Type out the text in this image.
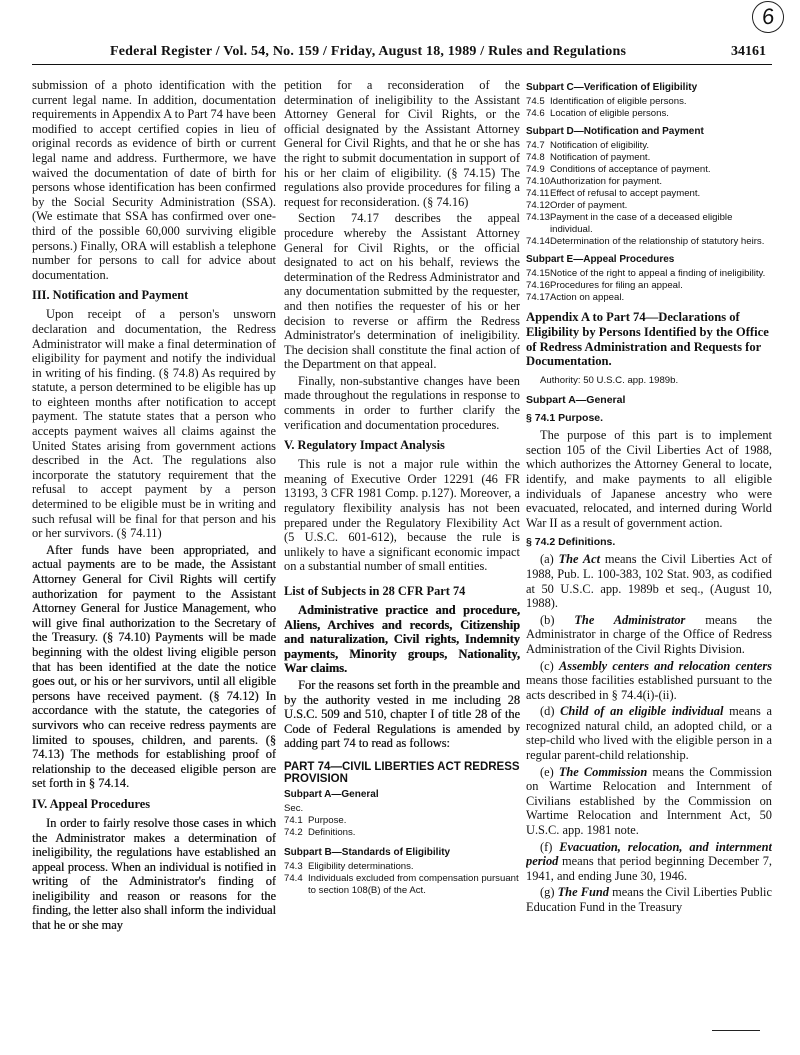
6
Federal Register / Vol. 54, No. 159 / Friday, August 18, 1989 / Rules and Regulations	34161

submission of a photo identification with the current legal name. In addition, documentation requirements in Appendix A to Part 74 have been modified to accept certified copies in lieu of original records as evidence of birth or current legal name and address. Furthermore, we have waived the documentation of date of birth for persons whose identification has been confirmed by the Social Security Administration (SSA). (We estimate that SSA has confirmed over one-third of the possible 60,000 surviving eligible persons.) Finally, ORA will establish a telephone number for persons to call for advice about documentation.

III. Notification and Payment

Upon receipt of a person's unsworn declaration and documentation, the Redress Administrator will make a final determination of eligibility for payment and notify the individual in writing of his finding. (§ 74.8) As required by statute, a person determined to be eligible has up to eighteen months after notification to accept payment. The statute states that a person who accepts payment waives all claims against the United States arising from government actions described in the Act. The regulations also incorporate the statutory requirement that the refusal to accept payment by a person determined to be eligible must be in writing and such refusal will be final for that person and his or her survivors. (§ 74.11)

After funds have been appropriated, and actual payments are to be made, the Assistant Attorney General for Civil Rights will certify authorization for payment to the Assistant Attorney General for Justice Management, who will give final authorization to the Secretary of the Treasury. (§ 74.10) Payments will be made beginning with the oldest living eligible person that has been identified at the date the notice goes out, or his or her survivors, until all eligible persons have received payment. (§ 74.12) In accordance with the statute, the categories of survivors who can receive redress payments are limited to spouses, children, and parents. (§ 74.13) The methods for establishing proof of relationship to the deceased eligible person are set forth in § 74.14.

IV. Appeal Procedures

In order to fairly resolve those cases in which the Administrator makes a determination of ineligibility, the regulations have established an appeal process. When an individual is notified in writing of the Administrator's finding of ineligibility and reason or reasons for the finding, the letter also shall inform the individual that he or she may

petition for a reconsideration of the determination of ineligibility to the Assistant Attorney General for Civil Rights, or the official designated by the Assistant Attorney General for Civil Rights, and that he or she has the right to submit documentation in support of his or her claim of eligibility. (§ 74.15) The regulations also provide procedures for filing a request for reconsideration. (§ 74.16)

Section 74.17 describes the appeal procedure whereby the Assistant Attorney General for Civil Rights, or the official designated to act on his behalf, reviews the determination of the Redress Administrator and any documentation submitted by the requester, and then notifies the requester of his or her decision to reverse or affirm the Redress Administrator's determination of ineligibility. The decision shall constitute the final action of the Department on that appeal.

Finally, non-substantive changes have been made throughout the regulations in response to comments in order to further clarify the verification and documentation procedures.

V. Regulatory Impact Analysis

This rule is not a major rule within the meaning of Executive Order 12291 (46 FR 13193, 3 CFR 1981 Comp. p.127). Moreover, a regulatory flexibility analysis has not been prepared under the Regulatory Flexibility Act (5 U.S.C. 601-612), because the rule is unlikely to have a significant economic impact on a substantial number of small entities.

List of Subjects in 28 CFR Part 74

Administrative practice and procedure, Aliens, Archives and records, Citizenship and naturalization, Civil rights, Indemnity payments, Minority groups, Nationality, War claims.

For the reasons set forth in the preamble and by the authority vested in me including 28 U.S.C. 509 and 510, chapter I of title 28 of the Code of Federal Regulations is amended by adding part 74 to read as follows:

PART 74—CIVIL LIBERTIES ACT REDRESS PROVISION

Subpart A—General

Sec.
74.1 Purpose.
74.2 Definitions.

Subpart B—Standards of Eligibility

74.3 Eligibility determinations.
74.4 Individuals excluded from compensation pursuant to section 108(B) of the Act.

Subpart C—Verification of Eligibility

74.5 Identification of eligible persons.
74.6 Location of eligible persons.

Subpart D—Notification and Payment

74.7 Notification of eligibility.
74.8 Notification of payment.
74.9 Conditions of acceptance of payment.
74.10 Authorization for payment.
74.11 Effect of refusal to accept payment.
74.12 Order of payment.
74.13 Payment in the case of a deceased eligible individual.
74.14 Determination of the relationship of statutory heirs.

Subpart E—Appeal Procedures

74.15 Notice of the right to appeal a finding of ineligibility.
74.16 Procedures for filing an appeal.
74.17 Action on appeal.

Appendix A to Part 74—Declarations of Eligibility by Persons Identified by the Office of Redress Administration and Requests for Documentation.

Authority: 50 U.S.C. app. 1989b.

Subpart A—General

§ 74.1 Purpose.

The purpose of this part is to implement section 105 of the Civil Liberties Act of 1988, which authorizes the Attorney General to locate, identify, and make payments to all eligible individuals of Japanese ancestry who were evacuated, relocated, and interned during World War II as a result of government action.

§ 74.2 Definitions.

(a) The Act means the Civil Liberties Act of 1988, Pub. L. 100-383, 102 Stat. 903, as codified at 50 U.S.C. app. 1989b et seq., (August 10, 1988).

(b) The Administrator means the Administrator in charge of the Office of Redress Administration of the Civil Rights Division.

(c) Assembly centers and relocation centers means those facilities established pursuant to the acts described in § 74.4(i)-(ii).

(d) Child of an eligible individual means a recognized natural child, an adopted child, or a step-child who lived with the eligible person in a regular parent-child relationship.

(e) The Commission means the Commission on Wartime Relocation and Internment of Civilians established by the Commission on Wartime Relocation and Internment Act, 50 U.S.C. app. 1981 note.

(f) Evacuation, relocation, and internment period means that period beginning December 7, 1941, and ending June 30, 1946.

(g) The Fund means the Civil Liberties Public Education Fund in the Treasury
